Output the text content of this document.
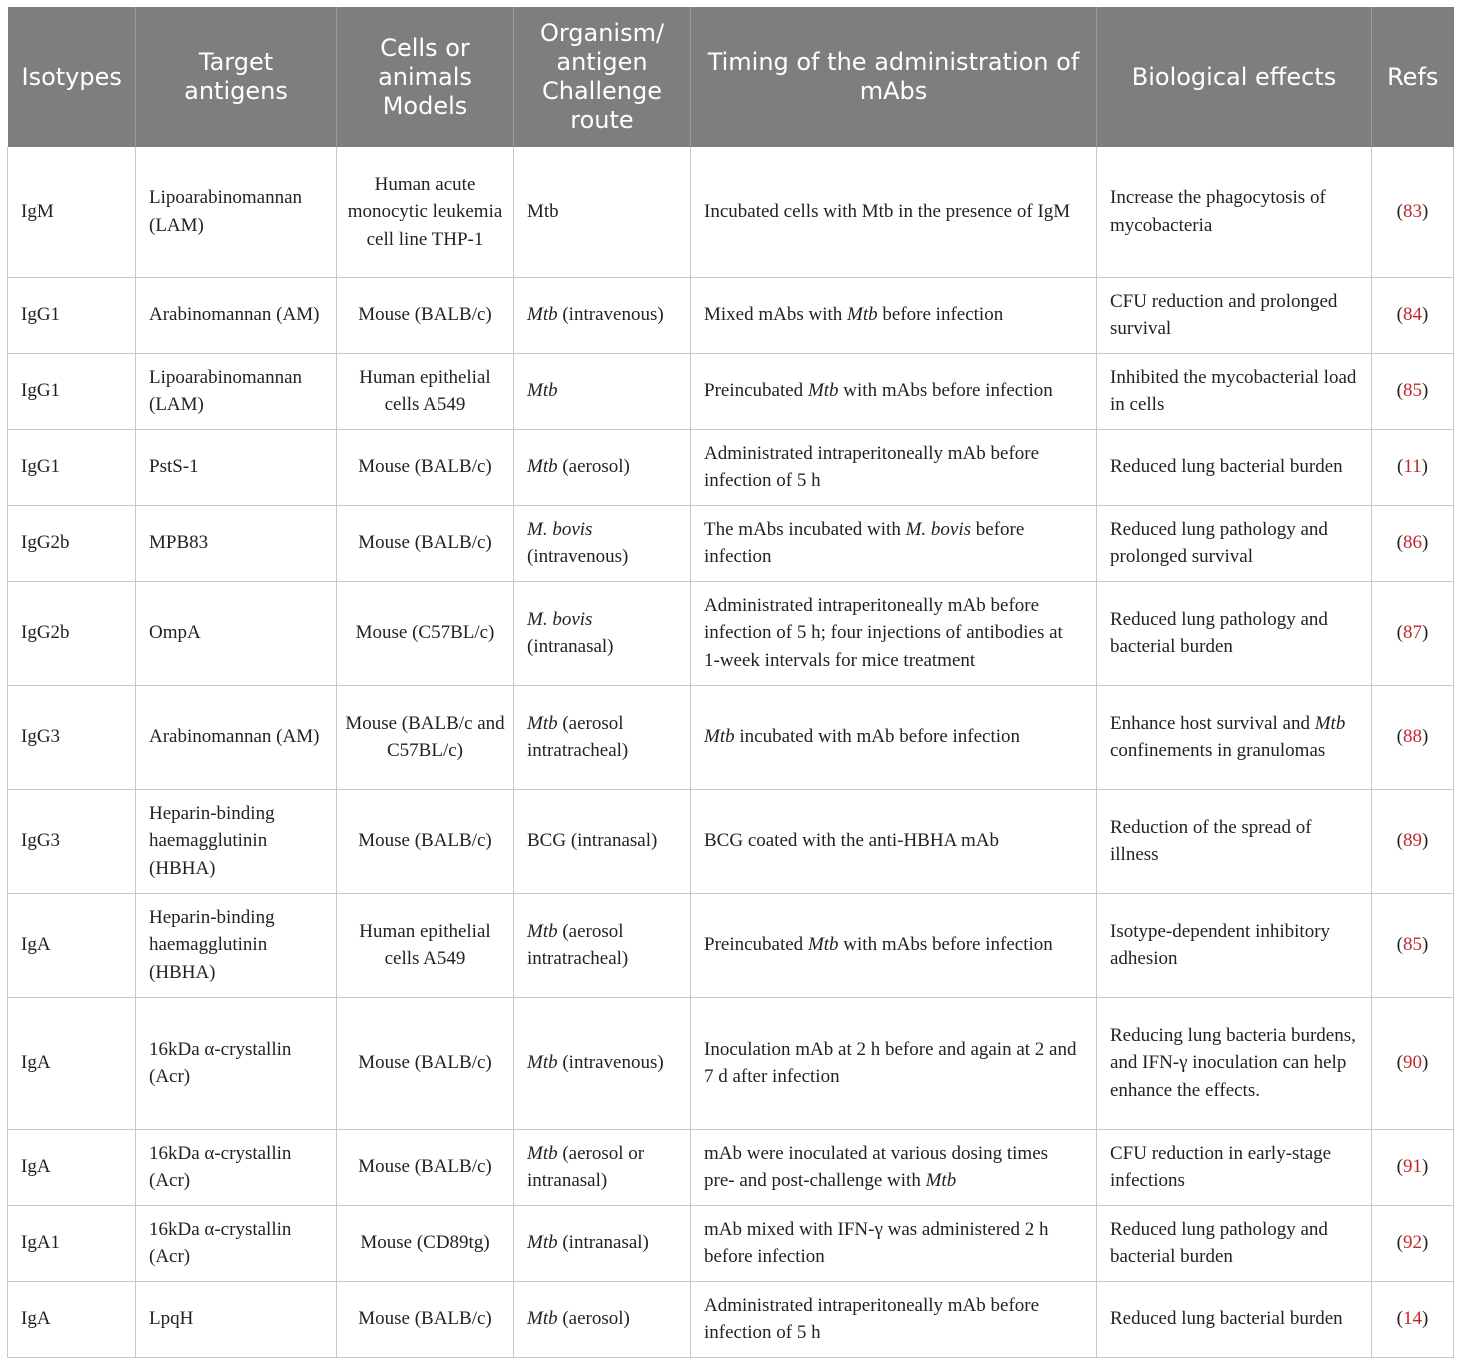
Isotypes	Target antigens	Cells or animals Models	Organism/ antigen Challenge route	Timing of the administration of mAbs	Biological effects	Refs
IgM	Lipoarabinomannan (LAM)	Human acute monocytic leukemia cell line THP-1	Mtb	Incubated cells with Mtb in the presence of IgM	Increase the phagocytosis of mycobacteria	(83)
IgG1	Arabinomannan (AM)	Mouse (BALB/c)	Mtb (intravenous)	Mixed mAbs with Mtb before infection	CFU reduction and prolonged survival	(84)
IgG1	Lipoarabinomannan (LAM)	Human epithelial cells A549	Mtb	Preincubated Mtb with mAbs before infection	Inhibited the mycobacterial load in cells	(85)
IgG1	PstS-1	Mouse (BALB/c)	Mtb (aerosol)	Administrated intraperitoneally mAb before infection of 5 h	Reduced lung bacterial burden	(11)
IgG2b	MPB83	Mouse (BALB/c)	M. bovis (intravenous)	The mAbs incubated with M. bovis before infection	Reduced lung pathology and prolonged survival	(86)
IgG2b	OmpA	Mouse (C57BL/c)	M. bovis (intranasal)	Administrated intraperitoneally mAb before infection of 5 h; four injections of antibodies at 1-week intervals for mice treatment	Reduced lung pathology and bacterial burden	(87)
IgG3	Arabinomannan (AM)	Mouse (BALB/c and C57BL/c)	Mtb (aerosol intratracheal)	Mtb incubated with mAb before infection	Enhance host survival and Mtb confinements in granulomas	(88)
IgG3	Heparin-binding haemagglutinin (HBHA)	Mouse (BALB/c)	BCG (intranasal)	BCG coated with the anti-HBHA mAb	Reduction of the spread of illness	(89)
IgA	Heparin-binding haemagglutinin (HBHA)	Human epithelial cells A549	Mtb (aerosol intratracheal)	Preincubated Mtb with mAbs before infection	Isotype-dependent inhibitory adhesion	(85)
IgA	16kDa α-crystallin (Acr)	Mouse (BALB/c)	Mtb (intravenous)	Inoculation mAb at 2 h before and again at 2 and 7 d after infection	Reducing lung bacteria burdens, and IFN-γ inoculation can help enhance the effects.	(90)
IgA	16kDa α-crystallin (Acr)	Mouse (BALB/c)	Mtb (aerosol or intranasal)	mAb were inoculated at various dosing times pre- and post-challenge with Mtb	CFU reduction in early-stage infections	(91)
IgA1	16kDa α-crystallin (Acr)	Mouse (CD89tg)	Mtb (intranasal)	mAb mixed with IFN-γ was administered 2 h before infection	Reduced lung pathology and bacterial burden	(92)
IgA	LpqH	Mouse (BALB/c)	Mtb (aerosol)	Administrated intraperitoneally mAb before infection of 5 h	Reduced lung bacterial burden	(14)
